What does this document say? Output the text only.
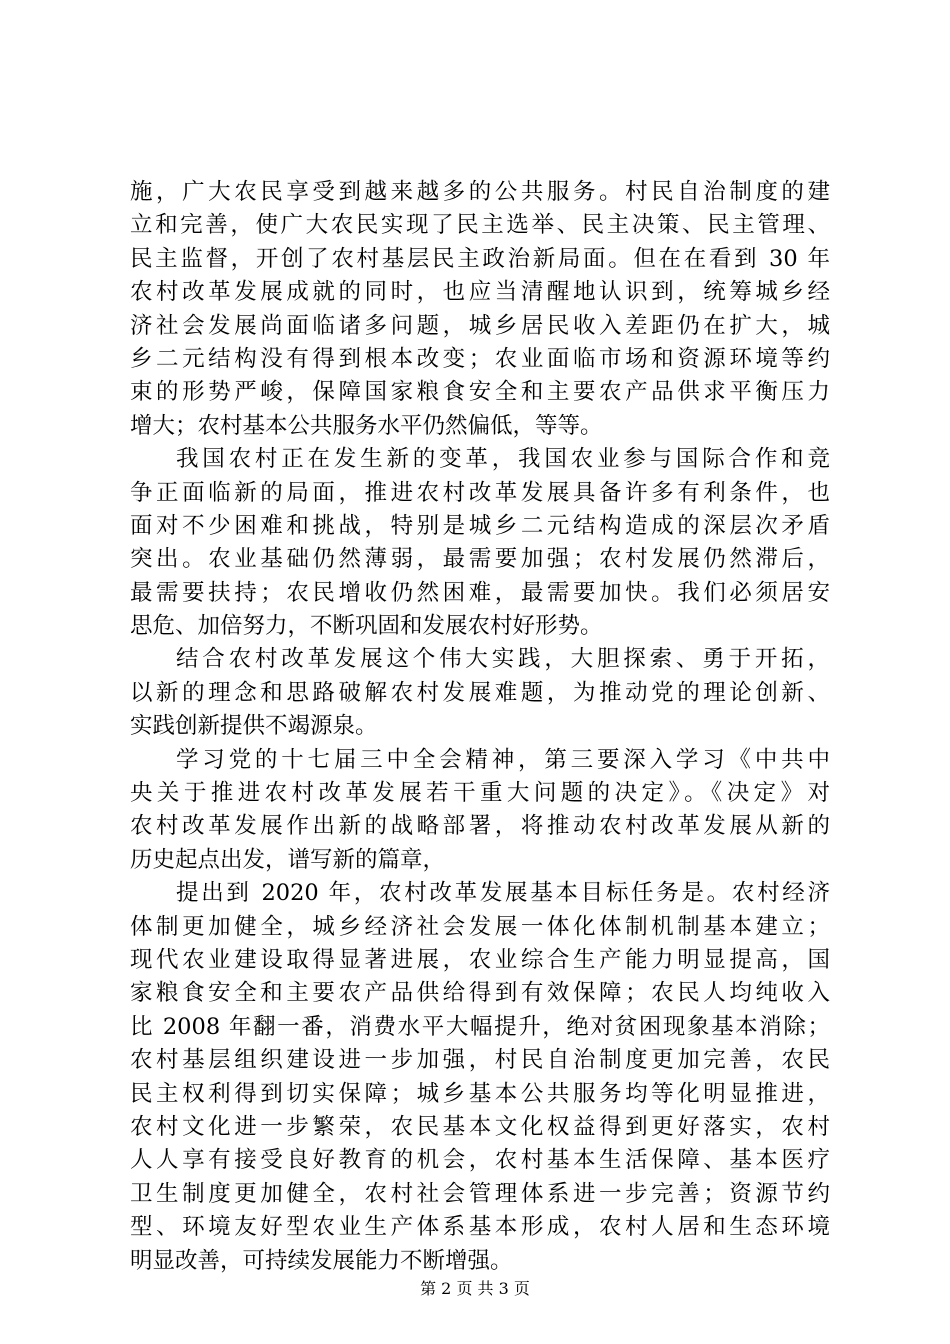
施，广大农民享受到越来越多的公共服务。村民自治制度的建
立和完善，使广大农民实现了民主选举、民主决策、民主管理、
民主监督，开创了农村基层民主政治新局面。但在在看到 30 年
农村改革发展成就的同时，也应当清醒地认识到，统筹城乡经
济社会发展尚面临诸多问题，城乡居民收入差距仍在扩大，城
乡二元结构没有得到根本改变；农业面临市场和资源环境等约
束的形势严峻，保障国家粮食安全和主要农产品供求平衡压力
增大；农村基本公共服务水平仍然偏低，等等。
我国农村正在发生新的变革，我国农业参与国际合作和竞
争正面临新的局面，推进农村改革发展具备许多有利条件，也
面对不少困难和挑战，特别是城乡二元结构造成的深层次矛盾
突出。农业基础仍然薄弱，最需要加强；农村发展仍然滞后，
最需要扶持；农民增收仍然困难，最需要加快。我们必须居安
思危、加倍努力，不断巩固和发展农村好形势。
结合农村改革发展这个伟大实践，大胆探索、勇于开拓，
以新的理念和思路破解农村发展难题，为推动党的理论创新、
实践创新提供不竭源泉。
学习党的十七届三中全会精神，第三要深入学习《中共中
央关于推进农村改革发展若干重大问题的决定》。《决定》对
农村改革发展作出新的战略部署，将推动农村改革发展从新的
历史起点出发，谱写新的篇章，
提出到 2020 年，农村改革发展基本目标任务是。农村经济
体制更加健全，城乡经济社会发展一体化体制机制基本建立；
现代农业建设取得显著进展，农业综合生产能力明显提高，国
家粮食安全和主要农产品供给得到有效保障；农民人均纯收入
比 2008 年翻一番，消费水平大幅提升，绝对贫困现象基本消除；
农村基层组织建设进一步加强，村民自治制度更加完善，农民
民主权利得到切实保障；城乡基本公共服务均等化明显推进，
农村文化进一步繁荣，农民基本文化权益得到更好落实，农村
人人享有接受良好教育的机会，农村基本生活保障、基本医疗
卫生制度更加健全，农村社会管理体系进一步完善；资源节约
型、环境友好型农业生产体系基本形成，农村人居和生态环境
明显改善，可持续发展能力不断增强。
第 2 页 共 3 页
